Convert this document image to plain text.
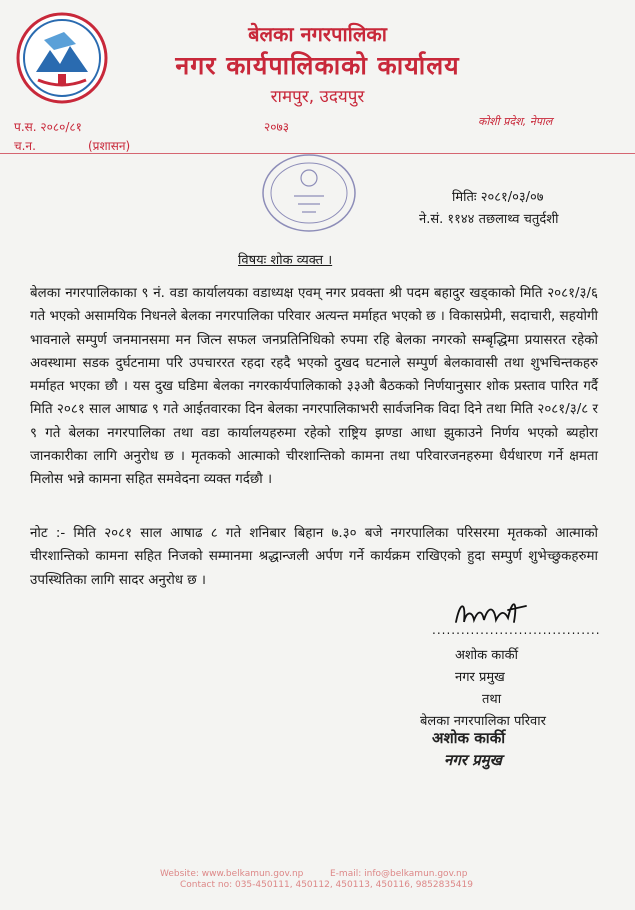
बेलका नगरपालिका
नगर कार्यपालिकाको कार्यालय
रामपुर, उदयपुर
प.स. २०८०/८१	२०७३	कोशी प्रदेश, नेपाल
च.न.	(प्रशासन)
मितिः २०८१/०३/०७
ने.सं. ११४४ तछलाथ्व चतुर्दशी
विषयः शोक व्यक्त ।
बेलका नगरपालिकाका ९ नं. वडा कार्यालयका वडाध्यक्ष एवम् नगर प्रवक्ता श्री पदम बहादुर खड्काको मिति २०८१/३/६ गते भएको असामयिक निधनले बेलका नगरपालिका परिवार अत्यन्त मर्माहत भएको छ । विकासप्रेमी, सदाचारी, सहयोगी भावनाले सम्पुर्ण जनमानसमा मन जित्न सफल जनप्रतिनिधिको रुपमा रहि बेलका नगरको सम्बृद्धिमा प्रयासरत रहेको अवस्थामा सडक दुर्घटनामा परि उपचाररत रहदा रहदै भएको दुखद घटनाले सम्पुर्ण बेलकावासी तथा शुभचिन्तकहरु मर्माहत भएका छौ । यस दुख घडिमा बेलका नगरकार्यपालिकाको ३३औ बैठकको निर्णयानुसार शोक प्रस्ताव पारित गर्दै मिति २०८१ साल आषाढ ९ गते आईतवारका दिन बेलका नगरपालिकाभरी सार्वजनिक विदा दिने तथा मिति २०८१/३/८ र ९ गते बेलका नगरपालिका तथा वडा कार्यालयहरुमा रहेको राष्ट्रिय झण्डा आधा झुकाउने निर्णय भएको ब्यहोरा जानकारीका लागि अनुरोध छ । मृतकको आत्माको चीरशान्तिको कामना तथा परिवारजनहरुमा धैर्यधारण गर्ने क्षमता मिलोस भन्ने कामना सहित समवेदना व्यक्त गर्दछौ ।
नोट :- मिति २०८१ साल आषाढ ८ गते शनिबार बिहान ७.३० बजे नगरपालिका परिसरमा मृतकको आत्माको चीरशान्तिको कामना सहित निजको सम्मानमा श्रद्धान्जली अर्पण गर्ने कार्यक्रम राखिएको हुदा सम्पुर्ण शुभेच्छुकहरुमा उपस्थितिका लागि सादर अनुरोध छ ।
...................................
अशोक कार्की
नगर प्रमुख
तथा
बेलका नगरपालिका परिवार
अशोक कार्की
नगर प्रमुख
Website: www.belkamun.gov.np	E-mail: info@belkamun.gov.np
Contact no: 035-450111, 450112, 450113, 450116, 9852835419
